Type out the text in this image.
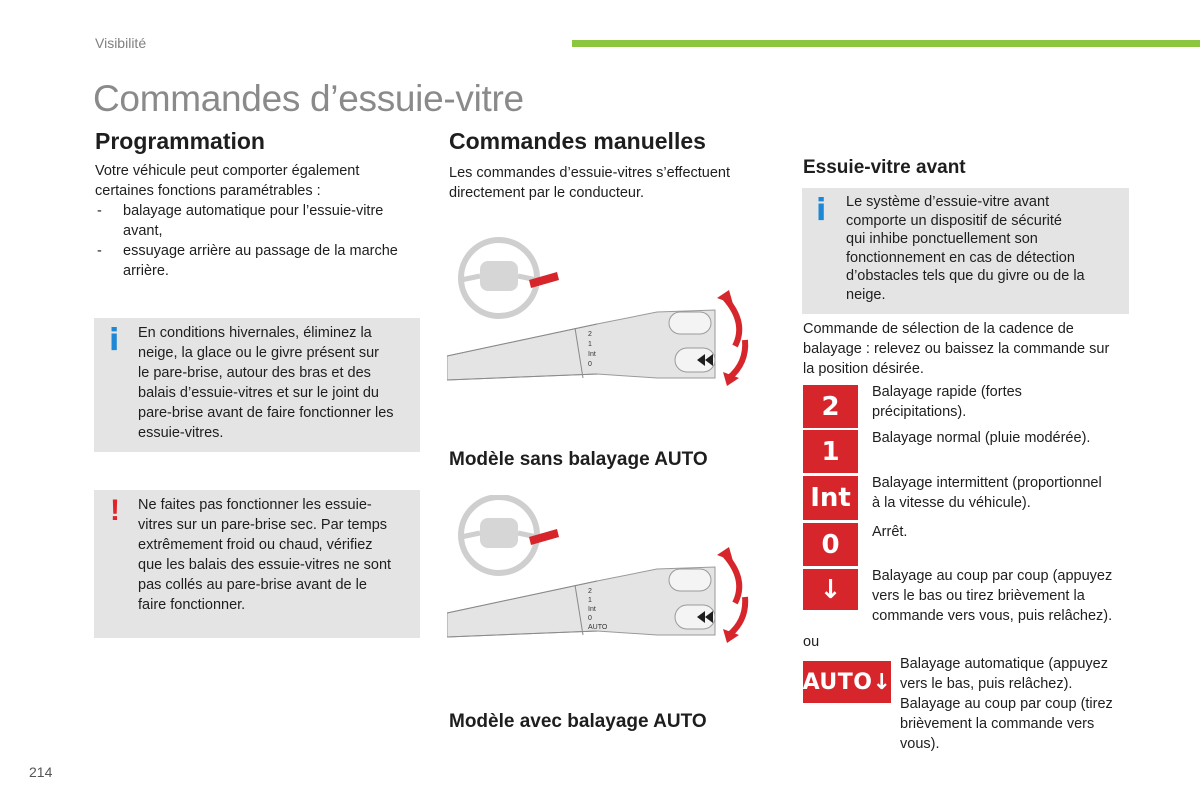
Visibilité
Commandes d’essuie-vitre
Programmation
Votre véhicule peut comporter également
certaines fonctions paramétrables :
- balayage automatique pour l’essuie-vitre
avant,
- essuyage arrière au passage de la marche
arrière.
i En conditions hivernales, éliminez la
neige, la glace ou le givre présent sur
le pare-brise, autour des bras et des
balais d’essuie-vitres et sur le joint du
pare-brise avant de faire fonctionner les
essuie-vitres.
! Ne faites pas fonctionner les essuie-
vitres sur un pare-brise sec. Par temps
extrêmement froid ou chaud, vérifiez
que les balais des essuie-vitres ne sont
pas collés au pare-brise avant de le
faire fonctionner.
Commandes manuelles
Les commandes d’essuie-vitres s’effectuent
directement par le conducteur.
2
1
Int
0
Modèle sans balayage AUTO
2
1
Int
0
AUTO
Modèle avec balayage AUTO
Essuie-vitre avant
i Le système d’essuie-vitre avant
comporte un dispositif de sécurité
qui inhibe ponctuellement son
fonctionnement en cas de détection
d’obstacles tels que du givre ou de la
neige.
Commande de sélection de la cadence de
balayage : relevez ou baissez la commande sur
la position désirée.
2 Balayage rapide (fortes
précipitations).
1 Balayage normal (pluie modérée).
Int Balayage intermittent (proportionnel
à la vitesse du véhicule).
0 Arrêt.
↓ Balayage au coup par coup (appuyez
vers le bas ou tirez brièvement la
commande vers vous, puis relâchez).
ou
AUTO↓
Balayage automatique (appuyez
vers le bas, puis relâchez).
Balayage au coup par coup (tirez
brièvement la commande vers
vous).
214
